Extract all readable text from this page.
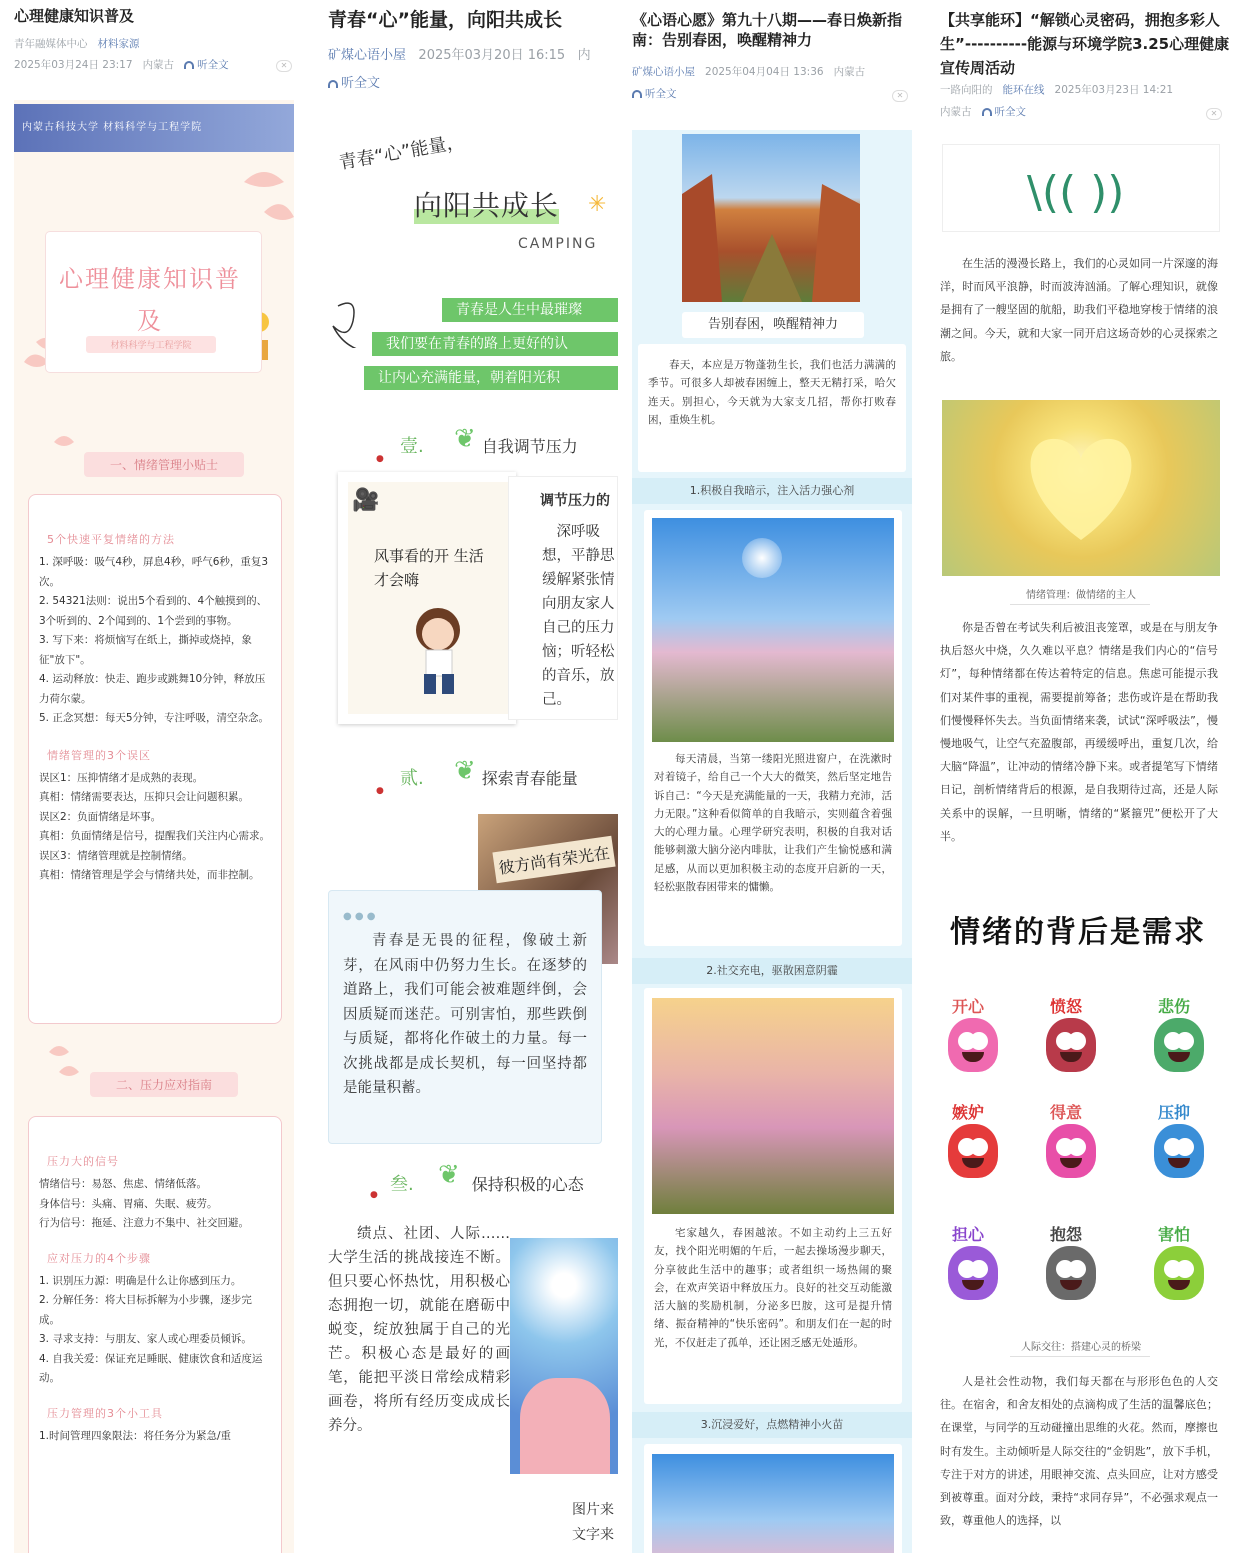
心理健康知识普及
青年融媒体中心 材料家源
2025年03月24日 23:17 内蒙古 听全文	✕
内蒙古科技大学 材料科学与工程学院
心理健康知识普及
材料科学与工程学院
一、情绪管理小贴士
5个快速平复情绪的方法

1. 深呼吸：吸气4秒，屏息4秒，呼气6秒，重复3次。

2. 54321法则：说出5个看到的、4个触摸到的、3个听到的、2个闻到的、1个尝到的事物。

3. 写下来：将烦恼写在纸上，撕掉或烧掉，象征"放下"。

4. 运动释放：快走、跑步或跳舞10分钟，释放压力荷尔蒙。

5. 正念冥想：每天5分钟，专注呼吸，清空杂念。

情绪管理的3个误区

误区1：压抑情绪才是成熟的表现。

真相：情绪需要表达，压抑只会让问题积累。

误区2：负面情绪是坏事。

真相：负面情绪是信号，提醒我们关注内心需求。

误区3：情绪管理就是控制情绪。

真相：情绪管理是学会与情绪共处，而非控制。

二、压力应对指南
压力大的信号

情绪信号：易怒、焦虑、情绪低落。

身体信号：头痛、胃痛、失眠、疲劳。

行为信号：拖延、注意力不集中、社交回避。

应对压力的4个步骤

1. 识别压力源：明确是什么让你感到压力。

2. 分解任务：将大目标拆解为小步骤，逐步完成。

3. 寻求支持：与朋友、家人或心理委员倾诉。

4. 自我关爱：保证充足睡眠、健康饮食和适度运动。

压力管理的3个小工具

1.时间管理四象限法：将任务分为紧急/重

青春“心”能量，向阳共成长
矿煤心语小屋 2025年03月20日 16:15 内
听全文
青春“心”能量，
向阳共成长 ✳
CAMPING
青春是人生中最璀璨
我们要在青春的路上更好的认
让内心充满能量，朝着阳光积
壹.	自我调节压力
❦
●
风事看的开 生活才会嗨
🎥	调节压力的

深呼吸

想，平静思

缓解紧张情

向朋友家人

自己的压力

恼；听轻松

的音乐，放

己。

贰.	探索青春能量
❦
●
彼方尚有荣光在
● ● ●
青春是无畏的征程，像破土新芽，在风雨中仍努力生长。在逐梦的道路上，我们可能会被难题绊倒，会因质疑而迷茫。可别害怕，那些跌倒与质疑，都将化作破土的力量。每一次挑战都是成长契机，每一回坚持都是能量积蓄。
叁.	保持积极的心态
❦
●
绩点、社团、人际……大学生活的挑战接连不断。但只要心怀热忱，用积极心态拥抱一切，就能在磨砺中蜕变，绽放独属于自己的光芒。积极心态是最好的画笔，能把平淡日常绘成精彩画卷，将所有经历变成成长养分。

图片来

文字来

《心语心愿》第九十八期——春日焕新指南：告别春困，唤醒精神力
矿煤心语小屋 2025年04月04日 13:36 内蒙古
听全文	✕
告别春困，唤醒精神力
春天，本应是万物蓬勃生长，我们也活力满满的季节。可很多人却被春困缠上，整天无精打采，哈欠连天。别担心，今天就为大家支几招，帮你打败春困，重焕生机。
1.积极自我暗示，注入活力强心剂
每天清晨，当第一缕阳光照进窗户，在洗漱时对着镜子，给自己一个大大的微笑，然后坚定地告诉自己：“今天是充满能量的一天，我精力充沛，活力无限。”这种看似简单的自我暗示，实则蕴含着强大的心理力量。心理学研究表明，积极的自我对话能够刺激大脑分泌内啡肽，让我们产生愉悦感和满足感，从而以更加积极主动的态度开启新的一天，轻松驱散春困带来的慵懒。
2.社交充电，驱散困意阴霾
宅家越久，春困越浓。不如主动约上三五好友，找个阳光明媚的午后，一起去操场漫步聊天，分享彼此生活中的趣事；或者组织一场热闹的聚会，在欢声笑语中释放压力。良好的社交互动能激活大脑的奖励机制，分泌多巴胺，这可是提升情绪、振奋精神的“快乐密码”。和朋友们在一起的时光，不仅赶走了孤单，还让困乏感无处遁形。
3.沉浸爱好，点燃精神小火苗
【共享能环】“解锁心灵密码，拥抱多彩人生”----------能源与环境学院3.25心理健康宣传周活动
一路向阳的 能环在线 2025年03月23日 14:21
内蒙古 听全文	✕
\(( ))
在生活的漫漫长路上，我们的心灵如同一片深邃的海洋，时而风平浪静，时而波涛汹涌。了解心理知识，就像是拥有了一艘坚固的航船，助我们平稳地穿梭于情绪的浪潮之间。今天，就和大家一同开启这场奇妙的心灵探索之旅。
情绪管理：做情绪的主人
你是否曾在考试失利后被沮丧笼罩，或是在与朋友争执后怒火中烧，久久难以平息？情绪是我们内心的“信号灯”，每种情绪都在传达着特定的信息。焦虑可能提示我们对某件事的重视，需要提前筹备；悲伤或许是在帮助我们慢慢释怀失去。当负面情绪来袭，试试“深呼吸法”，慢慢地吸气，让空气充盈腹部，再缓缓呼出，重复几次，给大脑“降温”，让冲动的情绪冷静下来。或者提笔写下情绪日记，剖析情绪背后的根源，是自我期待过高，还是人际关系中的误解，一旦明晰，情绪的“紧箍咒”便松开了大半。
情绪的背后是需求
开心	愤怒	悲伤
嫉妒	得意	压抑
担心	抱怨	害怕
人际交往：搭建心灵的桥梁
人是社会性动物，我们每天都在与形形色色的人交往。在宿舍，和舍友相处的点滴构成了生活的温馨底色；在课堂，与同学的互动碰撞出思维的火花。然而，摩擦也时有发生。主动倾听是人际交往的“金钥匙”，放下手机，专注于对方的讲述，用眼神交流、点头回应，让对方感受到被尊重。面对分歧，秉持“求同存异”，不必强求观点一致，尊重他人的选择，以
